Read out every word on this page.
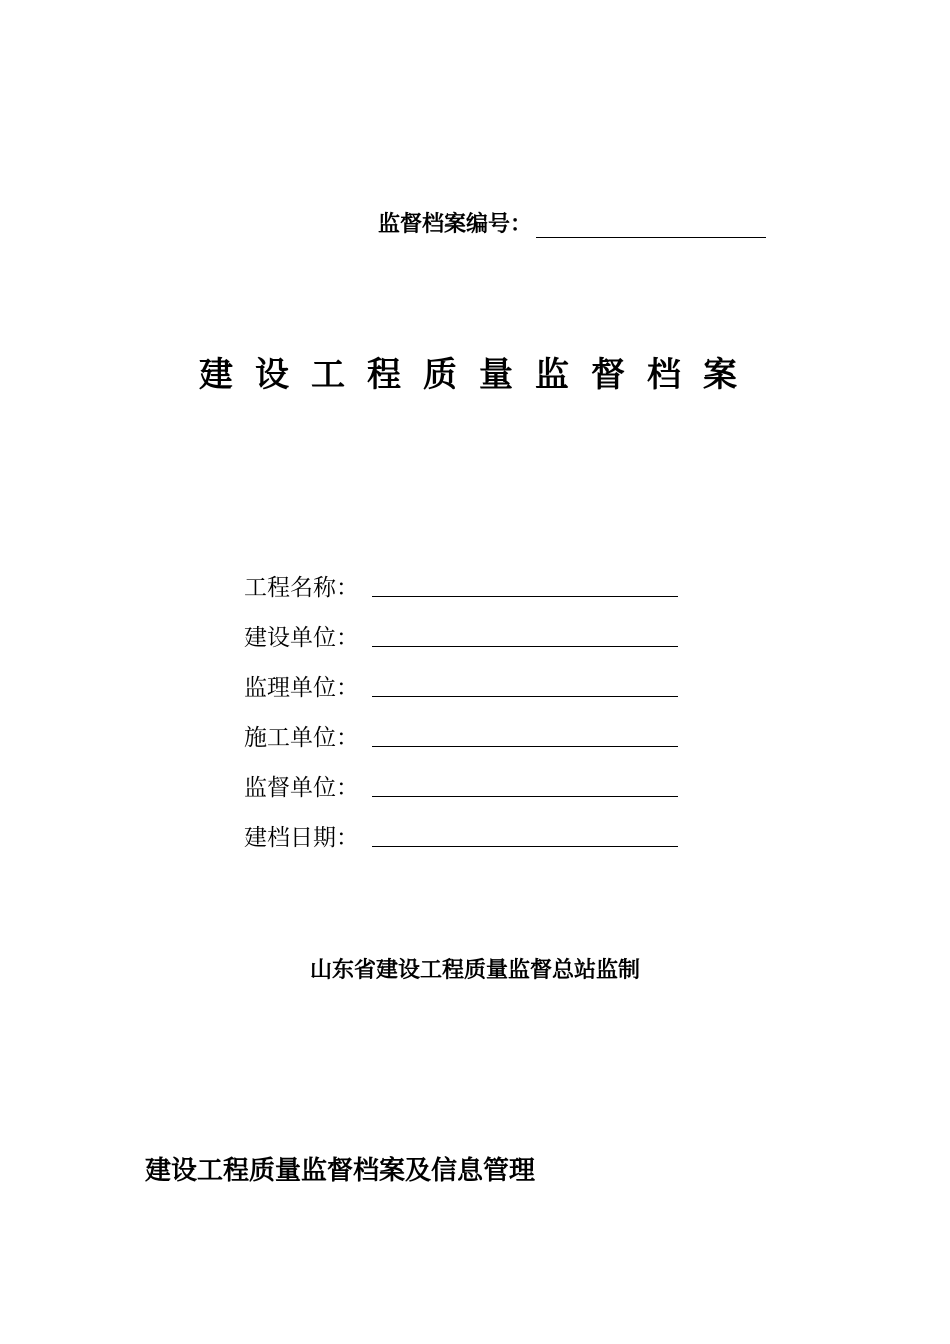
监督档案编号：
建设工程质量监督档案
工程名称：
建设单位：
监理单位：
施工单位：
监督单位：
建档日期：
山东省建设工程质量监督总站监制
建设工程质量监督档案及信息管理
